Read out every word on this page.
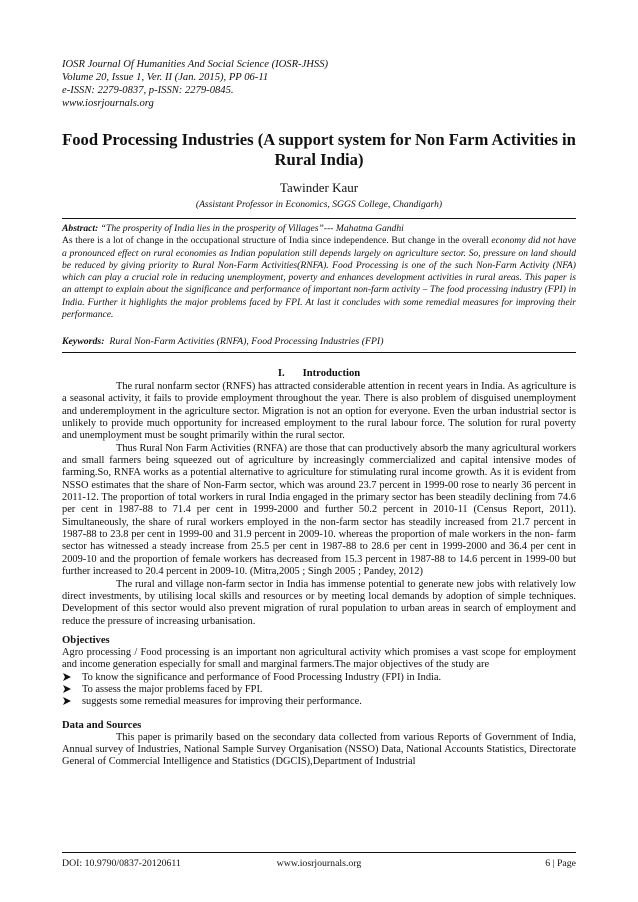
IOSR Journal Of Humanities And Social Science (IOSR-JHSS)
Volume 20, Issue 1, Ver. II (Jan. 2015), PP 06-11
e-ISSN: 2279-0837, p-ISSN: 2279-0845.
www.iosrjournals.org
Food Processing Industries (A support system for Non Farm Activities in Rural India)
Tawinder Kaur
(Assistant Professor in Economics, SGGS College, Chandigarh)

Abstract: “The prosperity of India lies in the prosperity of Villages”--- Mahatma Gandhi

As there is a lot of change in the occupational structure of India since independence. But change in the overall economy did not have a pronounced effect on rural economies as Indian population still depends largely on agriculture sector. So, pressure on land should be reduced by giving priority to Rural Non-Farm Activities(RNFA). Food Processing is one of the such Non-Farm Activity (NFA) which can play a crucial role in reducing unemployment, poverty and enhances development activities in rural areas. This paper is an attempt to explain about the significance and performance of important non-farm activity – The food processing industry (FPI) in India. Further it highlights the major problems faced by FPI. At last it concludes with some remedial measures for improving their performance.

Keywords: Rural Non-Farm Activities (RNFA), Food Processing Industries (FPI)
I. Introduction

The rural nonfarm sector (RNFS) has attracted considerable attention in recent years in India. As agriculture is a seasonal activity, it fails to provide employment throughout the year. There is also problem of disguised unemployment and underemployment in the agriculture sector. Migration is not an option for everyone. Even the urban industrial sector is unlikely to provide much opportunity for increased employment to the rural labour force. The solution for rural poverty and unemployment must be sought primarily within the rural sector.

Thus Rural Non Farm Activities (RNFA) are those that can productively absorb the many agricultural workers and small farmers being squeezed out of agriculture by increasingly commercialized and capital intensive modes of farming.So, RNFA works as a potential alternative to agriculture for stimulating rural income growth. As it is evident from NSSO estimates that the share of Non-Farm sector, which was around 23.7 percent in 1999-00 rose to nearly 36 percent in 2011-12. The proportion of total workers in rural India engaged in the primary sector has been steadily declining from 74.6 per cent in 1987-88 to 71.4 per cent in 1999-2000 and further 50.2 percent in 2010-11 (Census Report, 2011). Simultaneously, the share of rural workers employed in the non-farm sector has steadily increased from 21.7 percent in 1987-88 to 23.8 per cent in 1999-00 and 31.9 percent in 2009-10. whereas the proportion of male workers in the non- farm sector has witnessed a steady increase from 25.5 per cent in 1987-88 to 28.6 per cent in 1999-2000 and 36.4 per cent in 2009-10 and the proportion of female workers has decreased from 15.3 percent in 1987-88 to 14.6 percent in 1999-00 but further increased to 20.4 percent in 2009-10. (Mitra,2005 ; Singh 2005 ; Pandey, 2012)

The rural and village non-farm sector in India has immense potential to generate new jobs with relatively low direct investments, by utilising local skills and resources or by meeting local demands by adoption of simple techniques. Development of this sector would also prevent migration of rural population to urban areas in search of employment and reduce the pressure of increasing urbanisation.

Objectives

Agro processing / Food processing is an important non agricultural activity which promises a vast scope for employment and income generation especially for small and marginal farmers.The major objectives of the study are

To know the significance and performance of Food Processing Industry (FPI) in India.
To assess the major problems faced by FPI.
suggests some remedial measures for improving their performance.
Data and Sources

This paper is primarily based on the secondary data collected from various Reports of Government of India, Annual survey of Industries, National Sample Survey Organisation (NSSO) Data, National Accounts Statistics, Directorate General of Commercial Intelligence and Statistics (DGCIS),Department of Industrial

DOI: 10.9790/0837-20120611	www.iosrjournals.org	6 | Page
